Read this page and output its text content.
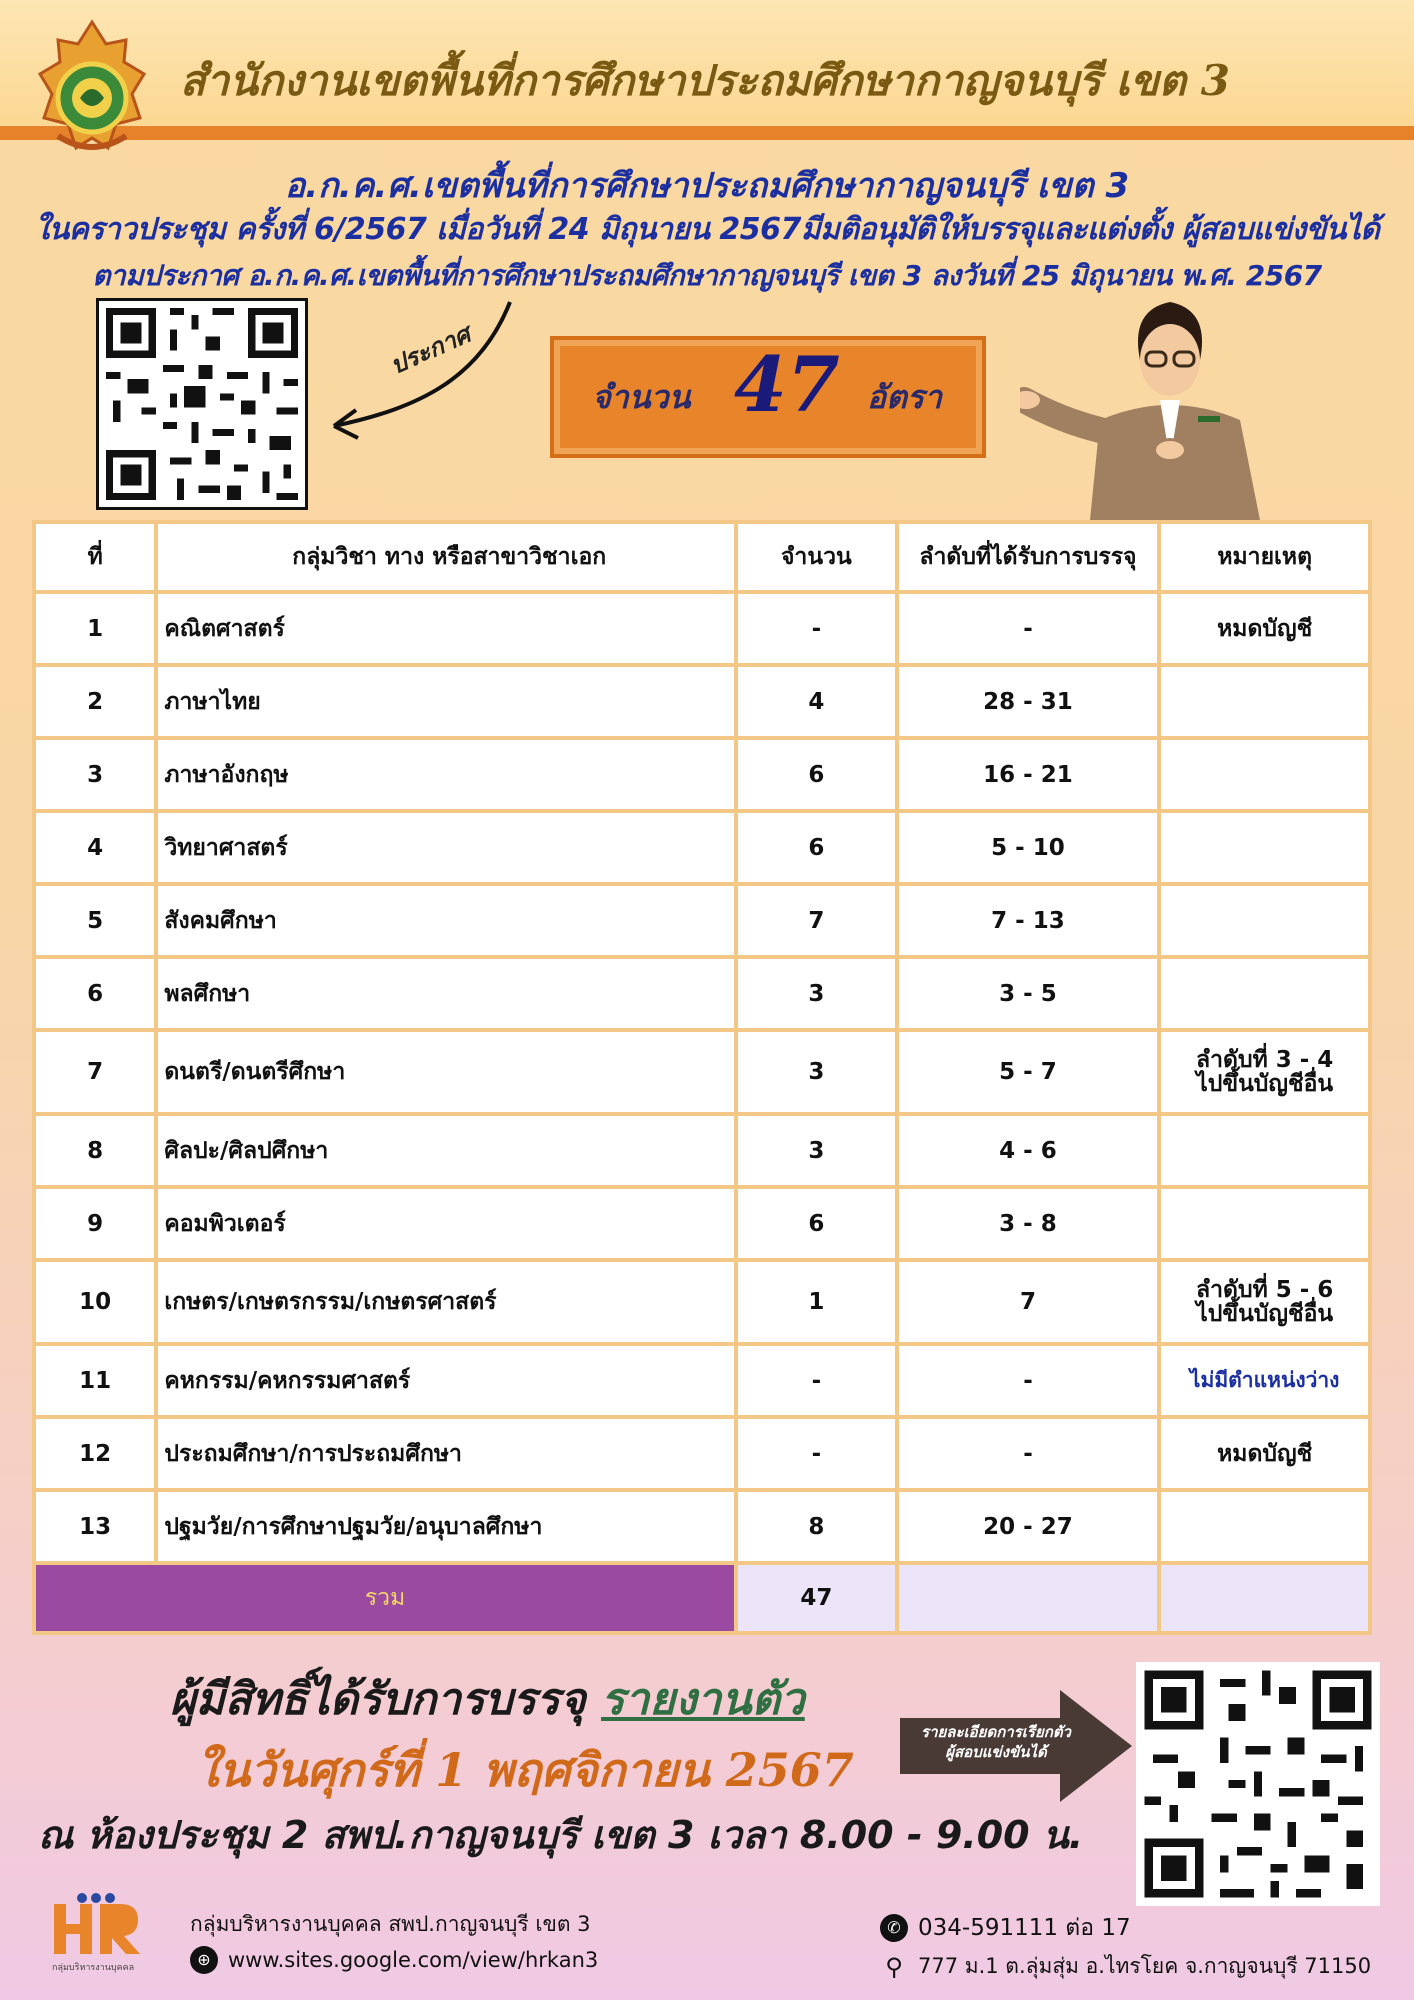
สำนักงานเขตพื้นที่การศึกษาประถมศึกษากาญจนบุรี เขต 3
อ.ก.ค.ศ.เขตพื้นที่การศึกษาประถมศึกษากาญจนบุรี เขต 3
ในคราวประชุม ครั้งที่ 6/2567 เมื่อวันที่ 24 มิถุนายน 2567มีมติอนุมัติให้บรรจุและแต่งตั้ง ผู้สอบแข่งขันได้
ตามประกาศ อ.ก.ค.ศ.เขตพื้นที่การศึกษาประถมศึกษากาญจนบุรี เขต 3 ลงวันที่ 25 มิถุนายน พ.ศ. 2567
ประกาศ
จำนวน 47 อัตรา
ที่	กลุ่มวิชา ทาง หรือสาขาวิชาเอก	จำนวน	ลำดับที่ได้รับการบรรจุ	หมายเหตุ
1	คณิตศาสตร์	-	-	หมดบัญชี
2	ภาษาไทย	4	28 - 31	
3	ภาษาอังกฤษ	6	16 - 21	
4	วิทยาศาสตร์	6	5 - 10	
5	สังคมศึกษา	7	7 - 13	
6	พลศึกษา	3	3 - 5	
7	ดนตรี/ดนตรีศึกษา	3	5 - 7	ลำดับที่ 3 - 4
ไปขึ้นบัญชีอื่น

8	ศิลปะ/ศิลปศึกษา	3	4 - 6	
9	คอมพิวเตอร์	6	3 - 8	
10	เกษตร/เกษตรกรรม/เกษตรศาสตร์	1	7	ลำดับที่ 5 - 6
ไปขึ้นบัญชีอื่น

11	คหกรรม/คหกรรมศาสตร์	-	-	ไม่มีตำแหน่งว่าง
12	ประถมศึกษา/การประถมศึกษา	-	-	หมดบัญชี
13	ปฐมวัย/การศึกษาปฐมวัย/อนุบาลศึกษา	8	20 - 27	
รวม		47		
ผู้มีสิทธิ์ได้รับการบรรจุ รายงานตัว
ในวันศุกร์ที่ 1 พฤศจิกายน 2567
ณ ห้องประชุม 2 สพป.กาญจนบุรี เขต 3 เวลา 8.00 - 9.00 น.
รายละเอียดการเรียกตัว
ผู้สอบแข่งขันได้
กลุ่มบริหารงานบุคคล
กลุ่มบริหารงานบุคคล สพป.กาญจนบุรี เขต 3
⊕ www.sites.google.com/view/hrkan3
✆ 034-591111 ต่อ 17
⚲ 777 ม.1 ต.ลุ่มสุ่ม อ.ไทรโยค จ.กาญจนบุรี 71150
